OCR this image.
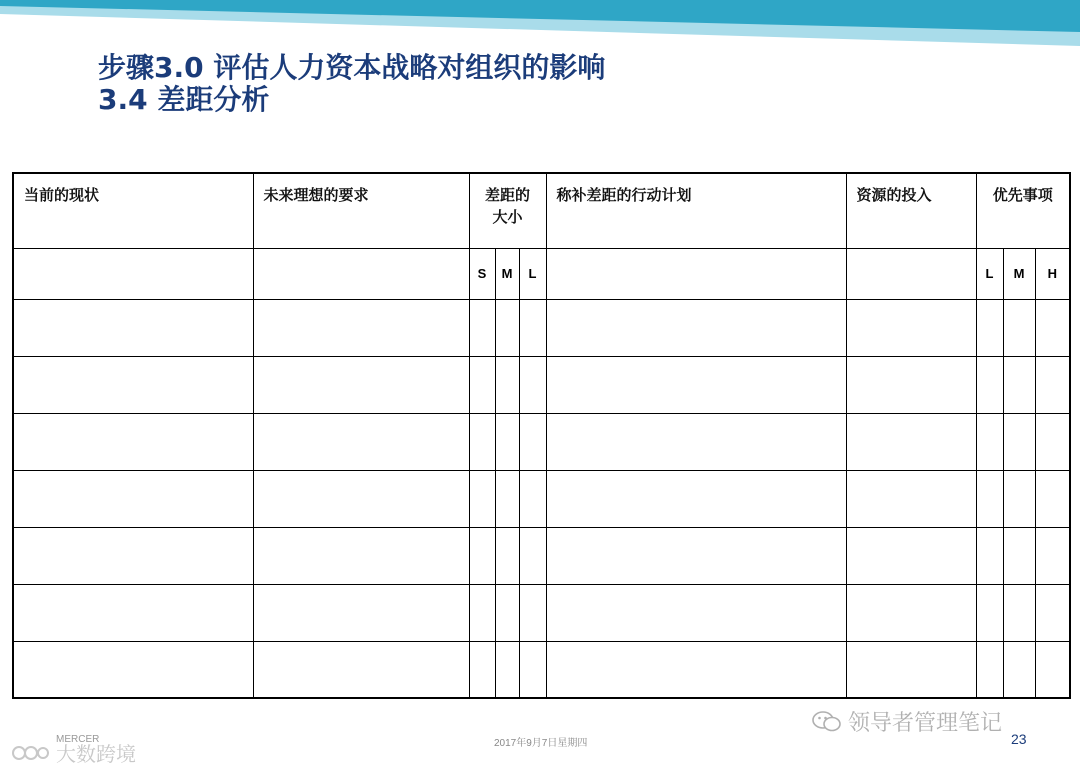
步骤3.0 评估人力资本战略对组织的影响
3.4 差距分析
当前的现状	未来理想的要求	差距的大小			称补差距的行动计划	资源的投入	优先事项		
		S	M	L			L	M	H

MERCER	2017年9月7日星期四	23
领导者管理笔记
大数跨境
